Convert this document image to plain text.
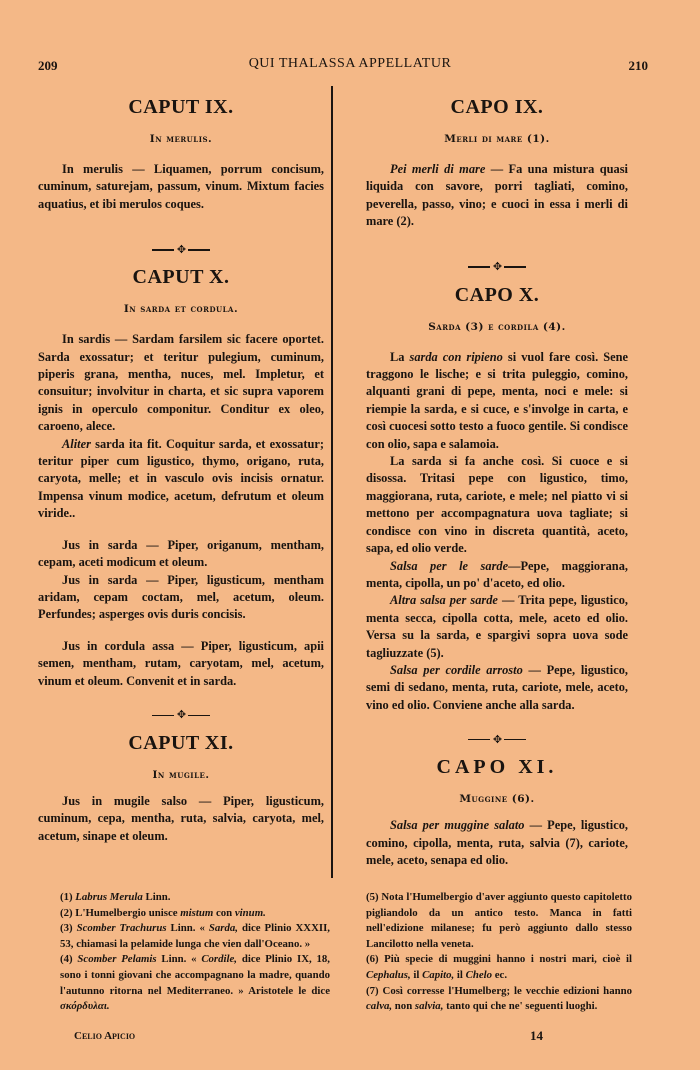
209	QUI THALASSA APPELLATUR	210

CAPUT IX.

In merulis.

In merulis — Liquamen, porrum concisum, cuminum, saturejam, passum, vinum. Mixtum facies aquatius, et ibi merulos coques.

✥

CAPUT X.

In sarda et cordula.

In sardis — Sardam farsilem sic facere oportet. Sarda exossatur; et teritur pulegium, cuminum, piperis grana, mentha, nuces, mel. Impletur, et consuitur; involvitur in charta, et sic supra vaporem ignis in operculo componitur. Conditur ex oleo, caroeno, alece.

Aliter sarda ita fit. Coquitur sarda, et exossatur; teritur piper cum ligustico, thymo, origano, ruta, caryota, melle; et in vasculo ovis incisis ornatur. Impensa vinum modice, acetum, defrutum et oleum viride..

Jus in sarda — Piper, origanum, mentham, cepam, aceti modicum et oleum.

Jus in sarda — Piper, ligusticum, mentham aridam, cepam coctam, mel, acetum, oleum. Perfundes; asperges ovis duris concisis.

Jus in cordula assa — Piper, ligusticum, apii semen, mentham, rutam, caryotam, mel, acetum, vinum et oleum. Convenit et in sarda.

✥

CAPUT XI.

In mugile.

Jus in mugile salso — Piper, ligusticum, cuminum, cepa, mentha, ruta, salvia, caryota, mel, acetum, sinape et oleum.

CAPO IX.

Merli di mare (1).

Pei merli di mare — Fa una mistura quasi liquida con savore, porri tagliati, comino, peverella, passo, vino; e cuoci in essa i merli di mare (2).

✥

CAPO X.

Sarda (3) e cordila (4).

La sarda con ripieno si vuol fare così. Sene traggono le lische; e si trita puleggio, comino, alquanti grani di pepe, menta, noci e mele: si riempie la sarda, e si cuce, e s'involge in carta, e così cuocesi sotto testo a fuoco gentile. Si condisce con olio, sapa e salamoia.

La sarda si fa anche così. Si cuoce e si disossa. Tritasi pepe con ligustico, timo, maggiorana, ruta, cariote, e mele; nel piatto vi si mettono per accompagnatura uova tagliate; si condisce con vino in discreta quantità, aceto, sapa, ed olio verde.

Salsa per le sarde—Pepe, maggiorana, menta, cipolla, un po' d'aceto, ed olio.

Altra salsa per sarde — Trita pepe, ligustico, menta secca, cipolla cotta, mele, aceto ed olio. Versa su la sarda, e spargivi sopra uova sode tagliuzzate (5).

Salsa per cordile arrosto — Pepe, ligustico, semi di sedano, menta, ruta, cariote, mele, aceto, vino ed olio. Conviene anche alla sarda.

✥

CAPO XI.

Muggine (6).

Salsa per muggine salato — Pepe, ligustico, comino, cipolla, menta, ruta, salvia (7), cariote, mele, aceto, senapa ed olio.

(1) Labrus Merula Linn.

(2) L'Humelbergio unisce mistum con vinum.

(3) Scomber Trachurus Linn. « Sarda, dice Plinio XXXII, 53, chiamasi la pelamide lunga che vien dall'Oceano. »

(4) Scomber Pelamis Linn. « Cordile, dice Plinio IX, 18, sono i tonni giovani che accompagnano la madre, quando l'autunno ritorna nel Mediterraneo. » Aristotele le dice σκόρδυλαι.

(5) Nota l'Humelbergio d'aver aggiunto questo capitoletto pigliandolo da un antico testo. Manca in fatti nell'edizione milanese; fu però aggiunto dallo stesso Lancilotto nella veneta.

(6) Più specie di muggini hanno i nostri mari, cioè il Cephalus, il Capito, il Chelo ec.

(7) Così corresse l'Humelberg; le vecchie edizioni hanno calva, non salvia, tanto qui che ne' seguenti luoghi.

Celio Apicio	14
